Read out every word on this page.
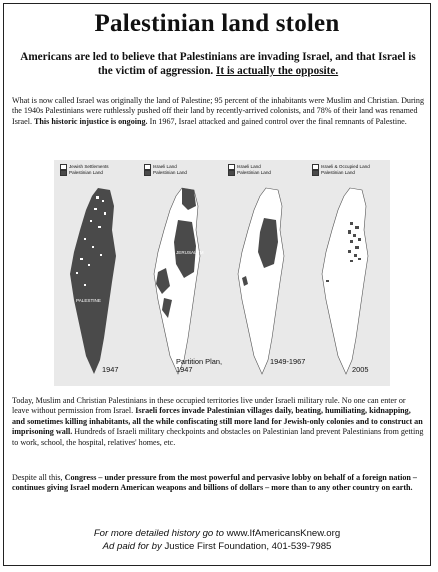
Palestinian land stolen
Americans are led to believe that Palestinians are invading Israel, and that Israel is the victim of aggression. It is actually the opposite.
What is now called Israel was originally the land of Palestine; 95 percent of the inhabitants were Muslim and Christian. During the 1940s Palestinians were ruthlessly pushed off their land by recently-arrived colonists, and 78% of their land was renamed Israel. This historic injustice is ongoing. In 1967, Israel attacked and gained control over the final remnants of Palestine.
Jewish Settlements
Palestinian Land
PALESTINE
1947
Israeli Land
Palestinian Land
JERUSALEM
Partition Plan, 1947
Israeli Land
Palestinian Land
1949-1967
Israeli & Occupied Land
Palestinian Land
2005
Today, Muslim and Christian Palestinians in these occupied territories live under Israeli military rule. No one can enter or leave without permission from Israel. Israeli forces invade Palestinian villages daily, beating, humiliating, kidnapping, and sometimes killing inhabitants, all the while confiscating still more land for Jewish-only colonies and to construct an imprisoning wall. Hundreds of Israeli military checkpoints and obstacles on Palestinian land prevent Palestinians from getting to work, school, the hospital, relatives' homes, etc.
Despite all this, Congress – under pressure from the most powerful and pervasive lobby on behalf of a foreign nation – continues giving Israel modern American weapons and billions of dollars – more than to any other country on earth.
For more detailed history go to www.IfAmericansKnew.org
Ad paid for by Justice First Foundation, 401-539-7985
